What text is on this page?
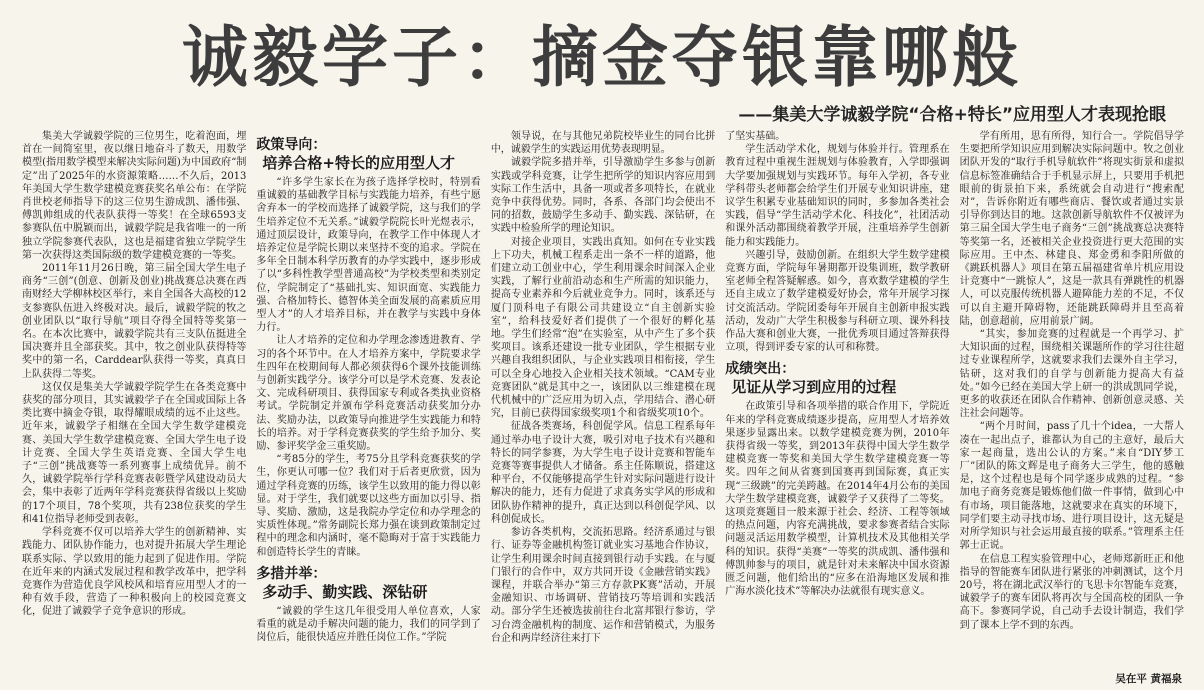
诚毅学子：摘金夺银靠哪般
——集美大学诚毅学院“合格+特长”应用型人才表现抢眼

集美大学诚毅学院的三位男生，吃着泡面，埋首在一间简室里，夜以继日地奋斗了数天，用数学模型(指用数学模型来解决实际问题)为中国政府“制定”出了2025年的水资源策略……不久后，2013年美国大学生数学建模竞赛获奖名单公布：在学院肖世校老师指导下的这三位男生游成凯、潘伟强、傅凯帅组成的代表队获得一等奖！在全球6593支参赛队伍中脱颖而出，诚毅学院是我省唯一的一所独立学院参赛代表队，这也是福建省独立学院学生第一次获得这类国际级的数学建模竞赛的一等奖。

2011年11月26日晚，第三届全国大学生电子商务“三创”(创意、创新及创业)挑战赛总决赛在西南财经大学柳林校区举行，来自全国各大高校的12支参赛队伍进入终极对决。最后，诚毅学院的牧之创业团队以“取行导航”项目夺得全国特等奖第一名。在本次比赛中，诚毅学院共有三支队伍挺进全国决赛并且全部获奖。其中，牧之创业队获得特等奖中的第一名，Carddear队获得一等奖，真真日上队获得二等奖。

这仅仅是集美大学诚毅学院学生在各类竞赛中获奖的部分项目，其实诚毅学子在全国或国际上各类比赛中摘金夺银，取得耀眼成绩的远不止这些。近年来，诚毅学子相继在全国大学生数学建模竞赛、美国大学生数学建模竞赛、全国大学生电子设计竞赛、全国大学生英语竞赛、全国大学生电子“三创”挑战赛等一系列赛事上成绩优异。前不久，诚毅学院举行学科竞赛表彰暨学风建设动员大会，集中表彰了近两年学科竞赛获得省级以上奖励的17个项目，78个奖项，共有238位获奖的学生和41位指导老师受到表彰。

学科竞赛不仅可以培养大学生的创新精神、实践能力、团队协作能力，也对提升拓展大学生理论联系实际、学以致用的能力起到了促进作用。学院在近年来的内涵式发展过程和教学改革中，把学科竞赛作为营造优良学风校风和培育应用型人才的一种有效手段，营造了一种积极向上的校园竞赛文化，促进了诚毅学子竞争意识的形成。

政策导向：
培养合格+特长的应用型人才

“许多学生家长在为孩子选择学校时，特别看重诚毅的基础教学目标与实践能力培养，有些宁愿舍弃本一的学校而选择了诚毅学院，这与我们的学生培养定位不无关系。”诚毅学院院长叶光煜表示，通过顶层设计，政策导向，在教学工作中体现人才培养定位是学院长期以来坚持不变的追求。学院在多年全日制本科学历教育的办学实践中，逐步形成了以“多科性教学型普通高校”为学校类型和类别定位，学院制定了“基础扎实、知识面宽、实践能力强、合格加特长、德智体美全面发展的高素质应用型人才”的人才培养目标，并在教学与实践中身体力行。

让人才培养的定位和办学理念渗透进教育、学习的各个环节中。在人才培养方案中，学院要求学生四年在校期间每人都必须获得6个课外技能训练与创新实践学分。该学分可以是学术竞赛、发表论文、完成科研项目、获得国家专利或各类执业资格考试。学院制定并颁布学科竞赛活动获奖加分办法、奖励办法，以政策导向推进学生实践能力和特长的培养。对于学科竞赛获奖的学生给予加分、奖励、参评奖学金三重奖励。

“考85分的学生，考75分且学科竞赛获奖的学生，你更认可哪一位？我们对于后者更欣赏，因为通过学科竞赛的历练，该学生以致用的能力得以彰显。对于学生，我们就要以这些方面加以引导、指导、奖励、激励，这是我院办学定位和办学理念的实质性体现。”常务副院长郑力强在谈到政策制定过程中的理念和内涵时，毫不隐晦对于富于实践能力和创造特长学生的青睐。

多措并举：
多动手、勤实践、深钻研

“诚毅的学生这几年很受用人单位喜欢，人家看重的就是动手解决问题的能力，我们的同学到了岗位后，能很快适应并胜任岗位工作。”学院

领导说，在与其他兄弟院校毕业生的同台比拼中，诚毅学生的实践运用优势表现明显。

诚毅学院多措并举，引导激励学生多参与创新实践或学科竞赛，让学生把所学的知识内容应用到实际工作生活中，具备一项或者多项特长，在就业竞争中获得优势。同时，各系、各部门均会使出不同的招数，鼓励学生多动手、勤实践、深钻研，在实践中检验所学的理论知识。

对接企业项目，实践出真知。如何在专业实践上下功夫，机械工程系走出一条不一样的道路，他们建立动工创业中心，学生利用课余时间深入企业实践，了解行业前沿动态和生产所需的知识能力，提高专业素养和今后就业竞争力。同时，该系还与厦门顶科电子有限公司共建设立“自主创新实验室”，给科技爱好者们提供了一个很好的孵化基地。学生们经常“泡”在实验室，从中产生了多个获奖项目。该系还建设一批专业团队，学生根据专业兴趣自我组织团队，与企业实践项目相衔接，学生可以全身心地投入企业相关技术领域。“CAM专业竞赛团队”就是其中之一，该团队以三维建模在现代机械中的广泛应用为切入点，学用结合、潜心研究，目前已获得国家级奖项1个和省级奖项10个。

征战各类赛场，科创促学风。信息工程系每年通过举办电子设计大赛，吸引对电子技术有兴趣和特长的同学参赛，为大学生电子设计竞赛和智能车竞赛等赛事提供人才储备。系主任陈顺说，搭建这种平台，不仅能够提高学生针对实际问题进行设计解决的能力，还有力促进了求真务实学风的形成和团队协作精神的提升，真正达到以科创促学风、以科创促成长。

参访各类机构，交流拓思路。经济系通过与银行、证券等金融机构签订就业实习基地合作协议，让学生利用课余时间直接到银行动手实践。在与厦门银行的合作中，双方共同开设《金融营销实践》课程，并联合举办“第三方存款PK赛”活动，开展金融知识、市场调研、营销技巧等培训和实践活动。部分学生还被选拔前往台北富邦银行参访，学习台湾金融机构的制度、运作和营销模式，为服务台企和两岸经济往来打下

了坚实基础。

学生活动学术化，规划与体验并行。管理系在教育过程中重视生涯规划与体验教育，入学即强调大学要加强规划与实践环节。每年入学初，各专业学科带头老师都会给学生们开展专业知识讲座，建议学生积累专业基础知识的同时，多参加各类社会实践，倡导“学生活动学术化、科技化”，社团活动和课外活动都围绕着教学开展，注重培养学生创新能力和实践能力。

兴趣引导，鼓励创新。在组织大学生数学建模竞赛方面，学院每年暑期都开设集训班，数学教研室老师全程答疑解惑。如今，喜欢数学建模的学生还自主成立了数学建模爱好协会，常年开展学习探讨交流活动。学院团委每年开展自主创新申报实践活动，发动广大学生积极参与科研立项、课外科技作品大赛和创业大赛，一批优秀项目通过答辩获得立项，得到评委专家的认可和称赞。

成绩突出：
见证从学习到应用的过程

在政策引导和各项举措的联合作用下，学院近年来的学科竞赛成绩逐步提高，应用型人才培养效果逐步显露出来。以数学建模竞赛为例，2010年获得省级一等奖，到2013年获得中国大学生数学建模竞赛一等奖和美国大学生数学建模竞赛一等奖。四年之间从省赛到国赛再到国际赛，真正实现“三级跳”的完美跨越。在2014年4月公布的美国大学生数学建模竞赛，诚毅学子又获得了二等奖。这项竞赛题目一般来源于社会、经济、工程等领域的热点问题，内容充满挑战，要求参赛者结合实际问题灵活运用数学模型，计算机技术及其他相关学科的知识。获得“美赛”一等奖的洪成凯、潘伟强和傅凯帅参与的项目，就是针对未来解决中国水资源匮乏问题，他们给出的“应多在沿海地区发展和推广海水淡化技术”等解决办法就很有现实意义。

学有所用，思有所得，知行合一。学院倡导学生要把所学知识应用到解决实际问题中。牧之创业团队开发的“取行手机导航软件”将现实街景和虚拟信息标签准确结合于手机显示屏上，只要用手机把眼前的街景拍下来，系统就会自动进行“搜索配对”，告诉你附近有哪些商店、餐饮或者通过实景引导你到达目的地。这款创新导航软件不仅被评为第三届全国大学生电子商务“三创”挑战赛总决赛特等奖第一名，还被相关企业投资进行更大范围的实际应用。王中杰、林建良、郑金勇和李阳所做的《跳跃机器人》项目在第五届福建省单片机应用设计竞赛中“一跳惊人”，这是一款具有弹跳性的机器人，可以克服传统机器人避障能力差的不足，不仅可以自主避开障碍物，还能跳跃障碍并且至高着陆，创意超前，应用前景广阔。

“其实，参加竞赛的过程就是一个再学习、扩大知识面的过程，围绕相关课题所作的学习往往超过专业课程所学，这就要求我们去课外自主学习，钻研，这对我们的自学与创新能力提高大有益处。”如今已经在美国大学上研一的洪成凯同学说，更多的收获还在团队合作精神、创新创意灵感、关注社会问题等。

“两个月时间，pass了几十个idea，一大帮人凑在一起出点子，谁都认为自己的主意好，最后大家一起商量，选出公认的方案。”来自“DIY梦工厂”团队的陈文辉是电子商务大三学生，他的感触是，这个过程也是每个同学逐步成熟的过程。“参加电子商务竞赛是锻炼他们做一件事情，做到心中有市场，项目能落地，这就要求在真实的环境下，同学们要主动寻找市场、进行项目设计，这无疑是对所学知识与社会运用最直接的联系。”管理系主任郭士正说。

在信息工程实验管理中心，老师郑新旺正和他指导的智能赛车团队进行紧张的冲刺测试，这个月20号，将在湖北武汉举行的飞思卡尔智能车竞赛，诚毅学子的赛车团队将再次与全国高校的团队一争高下。参赛同学说，自己动手去设计制造，我们学到了课本上学不到的东西。

吴在平 黄福泉
